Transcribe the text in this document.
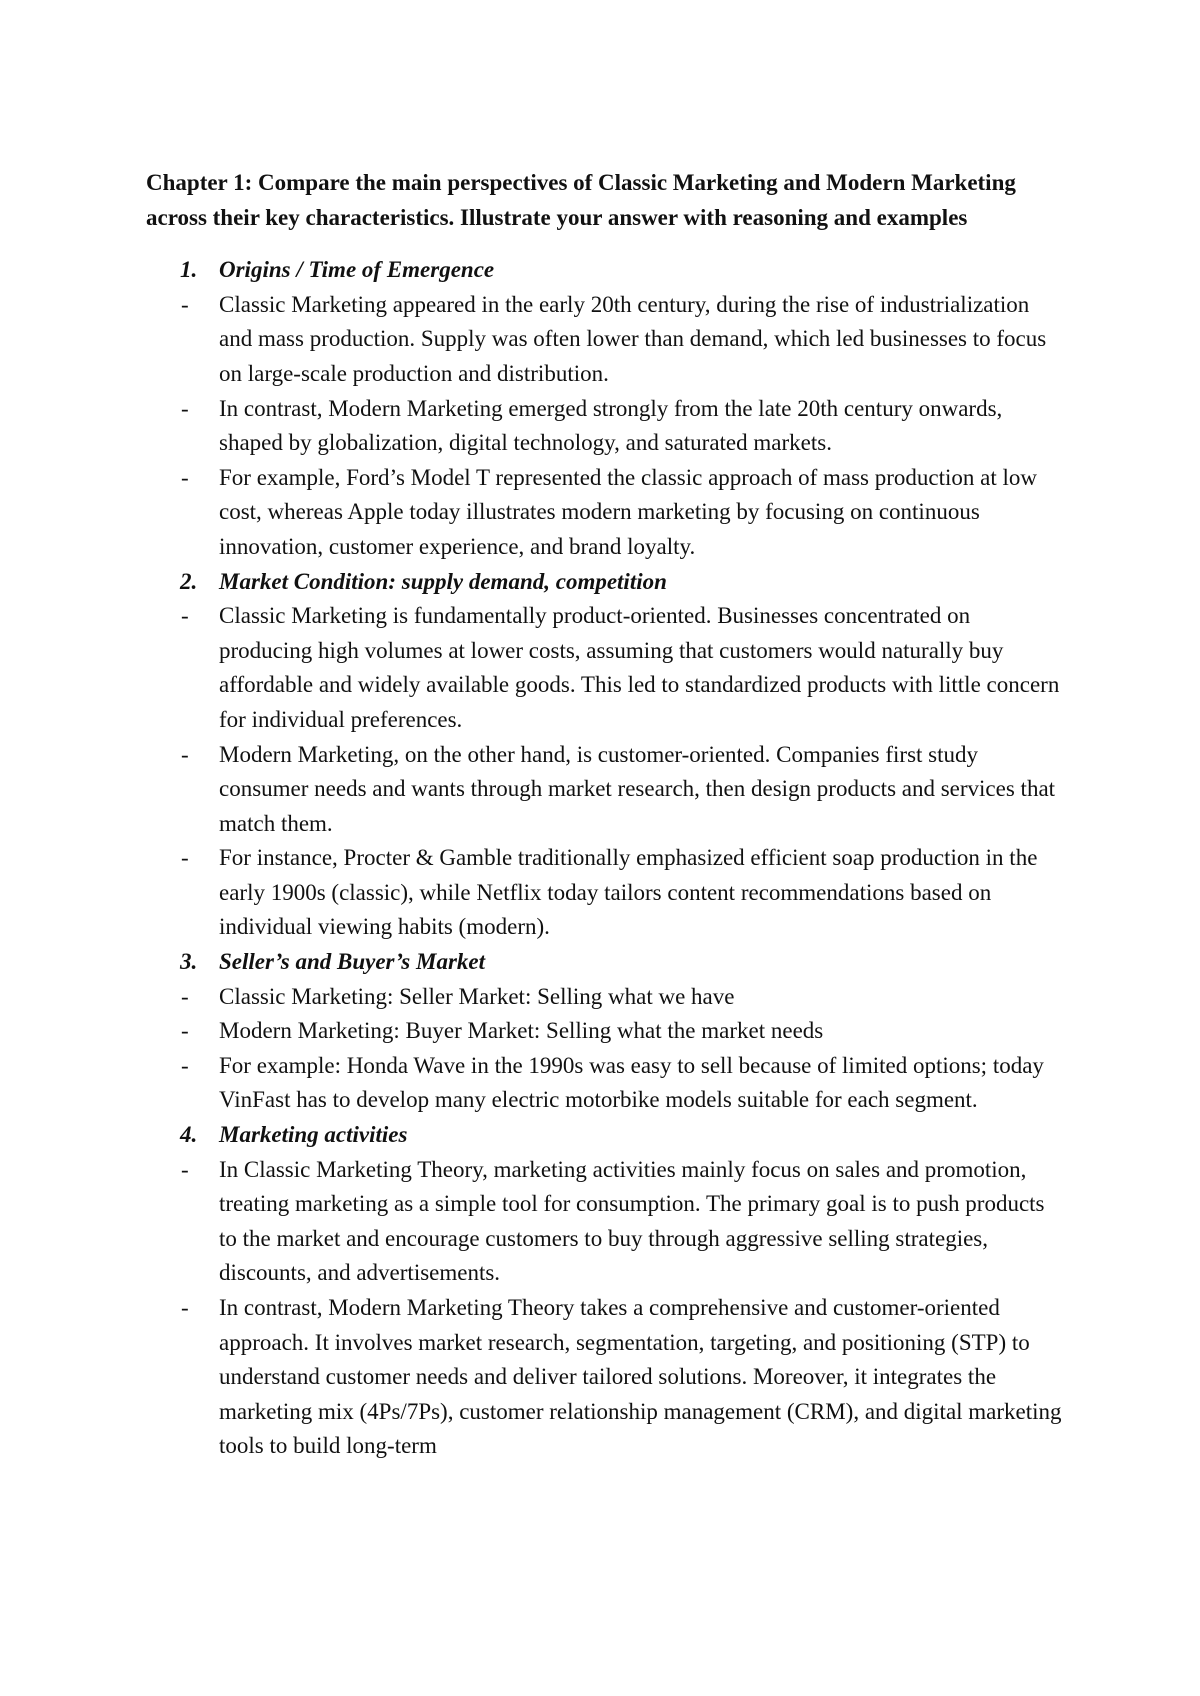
Chapter 1: Compare the main perspectives of Classic Marketing and Modern Marketing across their key characteristics. Illustrate your answer with reasoning and examples
1. Origins / Time of Emergence
-	Classic Marketing appeared in the early 20th century, during the rise of industrialization and mass production. Supply was often lower than demand, which led businesses to focus on large-scale production and distribution.
-	In contrast, Modern Marketing emerged strongly from the late 20th century onwards, shaped by globalization, digital technology, and saturated markets.
-	For example, Ford’s Model T represented the classic approach of mass production at low cost, whereas Apple today illustrates modern marketing by focusing on continuous innovation, customer experience, and brand loyalty.
2. Market Condition: supply demand, competition
-	Classic Marketing is fundamentally product-oriented. Businesses concentrated on producing high volumes at lower costs, assuming that customers would naturally buy affordable and widely available goods. This led to standardized products with little concern for individual preferences.
-	Modern Marketing, on the other hand, is customer-oriented. Companies first study consumer needs and wants through market research, then design products and services that match them.
-	For instance, Procter & Gamble traditionally emphasized efficient soap production in the early 1900s (classic), while Netflix today tailors content recommendations based on individual viewing habits (modern).
3. Seller’s and Buyer’s Market
-	Classic Marketing: Seller Market: Selling what we have
-	Modern Marketing: Buyer Market: Selling what the market needs
-	For example: Honda Wave in the 1990s was easy to sell because of limited options; today VinFast has to develop many electric motorbike models suitable for each segment.
4. Marketing activities
-	In Classic Marketing Theory, marketing activities mainly focus on sales and promotion, treating marketing as a simple tool for consumption. The primary goal is to push products to the market and encourage customers to buy through aggressive selling strategies, discounts, and advertisements.
-	In contrast, Modern Marketing Theory takes a comprehensive and customer-oriented approach. It involves market research, segmentation, targeting, and positioning (STP) to understand customer needs and deliver tailored solutions. Moreover, it integrates the marketing mix (4Ps/7Ps), customer relationship management (CRM), and digital marketing tools to build long-term
